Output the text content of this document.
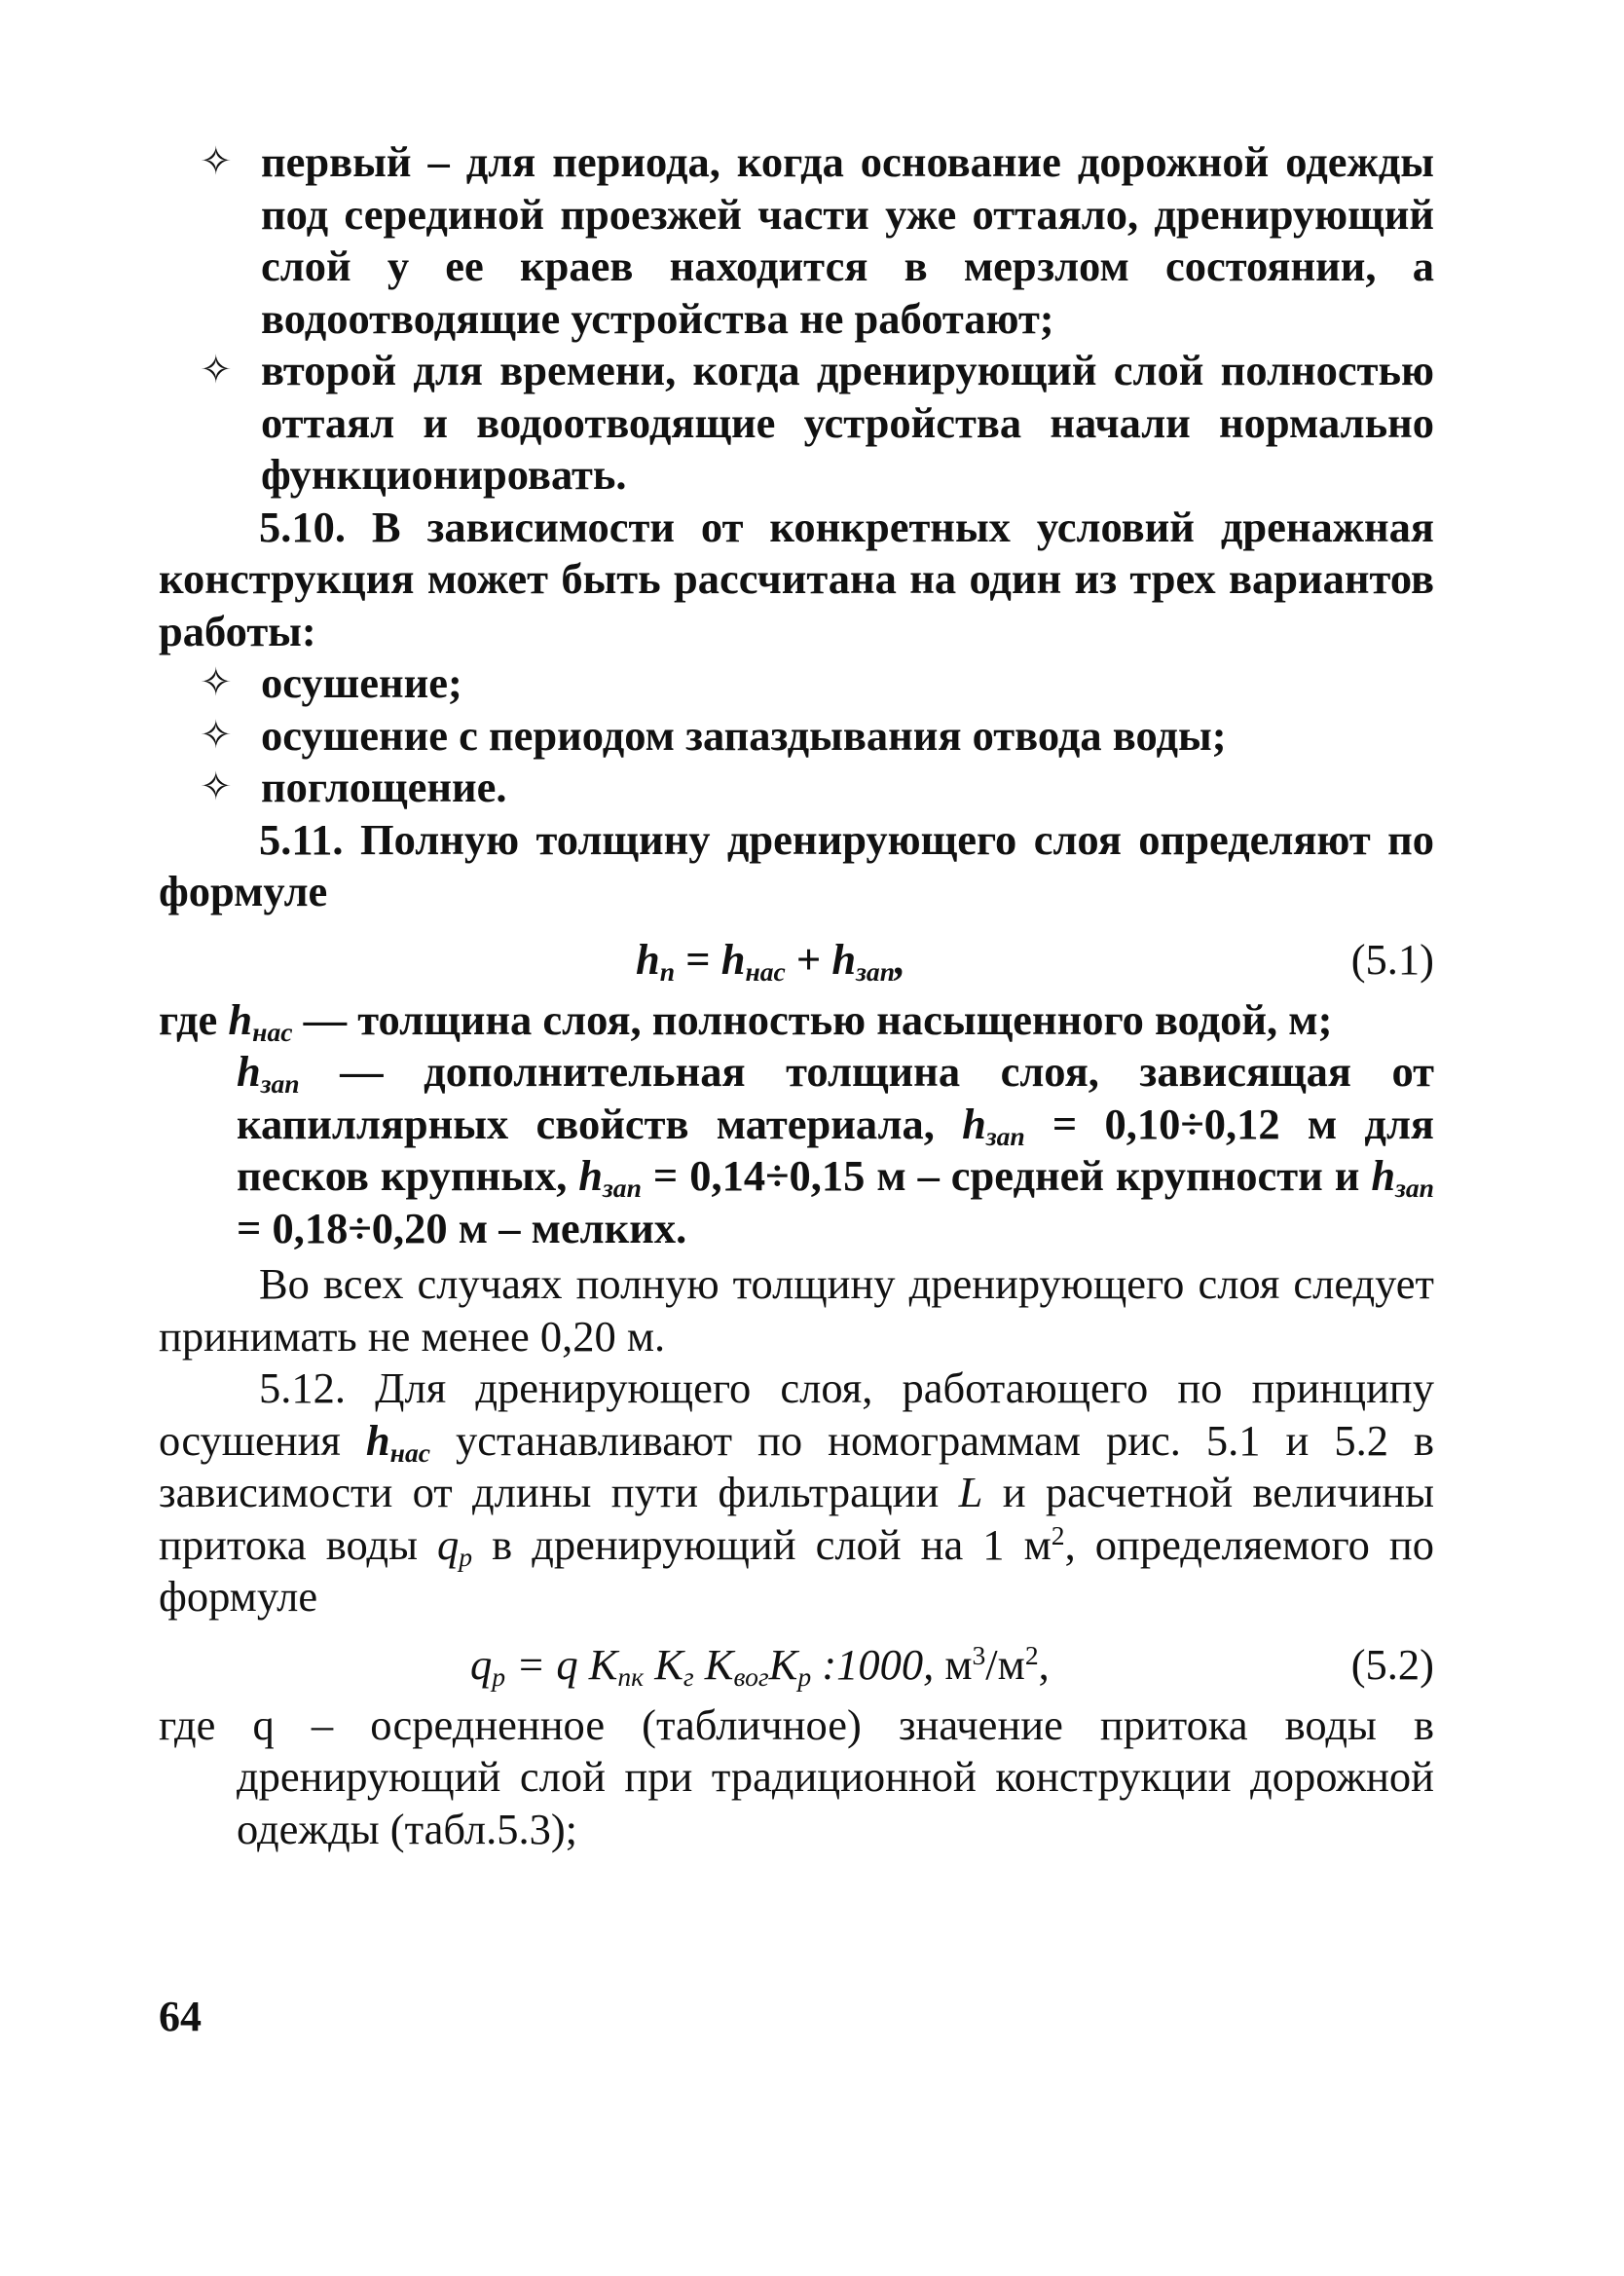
✧ первый – для периода, когда основание дорожной одежды под серединой проезжей части уже оттаяло, дренирующий слой у ее краев находится в мерзлом состоянии, а водоотводящие устройства не работают;

✧ второй для времени, когда дренирующий слой полностью оттаял и водоотводящие устройства начали нормально функционировать.

5.10. В зависимости от конкретных условий дренажная конструкция может быть рассчитана на один из трех вариантов работы:

✧ осушение;

✧ осушение с периодом запаздывания отвода воды;

✧ поглощение.

5.11. Полную толщину дренирующего слоя определяют по формуле

$h_п = h_{нас} + h_{зап}$,	(5.1)

где $h_{нас}$ — толщина слоя, полностью насыщенного водой, м;

$h_{зап}$ — дополнительная толщина слоя, зависящая от капиллярных свойств материала, $h_{зап} = 0,10\div 0,12$ м для песков крупных, $h_{зап} = 0,14\div 0,15$ м – средней крупности и $h_{зап} = 0,18\div 0,20$ м – мелких.

Во всех случаях полную толщину дренирующего слоя следует принимать не менее 0,20 м.

5.12. Для дренирующего слоя, работающего по принципу осушения $h_{нас}$ устанавливают по номограммам рис. 5.1 и 5.2 в зависимости от длины пути фильтрации L и расчетной величины притока воды $q_р$ в дренирующий слой на 1 $м^2$, определяемого по формуле

$q_р = q$ $K_{пк}$ $K_г$ $K_{вог}K_р$ :1000, $м^3/м^2$,	(5.2)

где q – осредненное (табличное) значение притока воды в дренирующий слой при традиционной конструкции дорожной одежды (табл.5.3);

64
